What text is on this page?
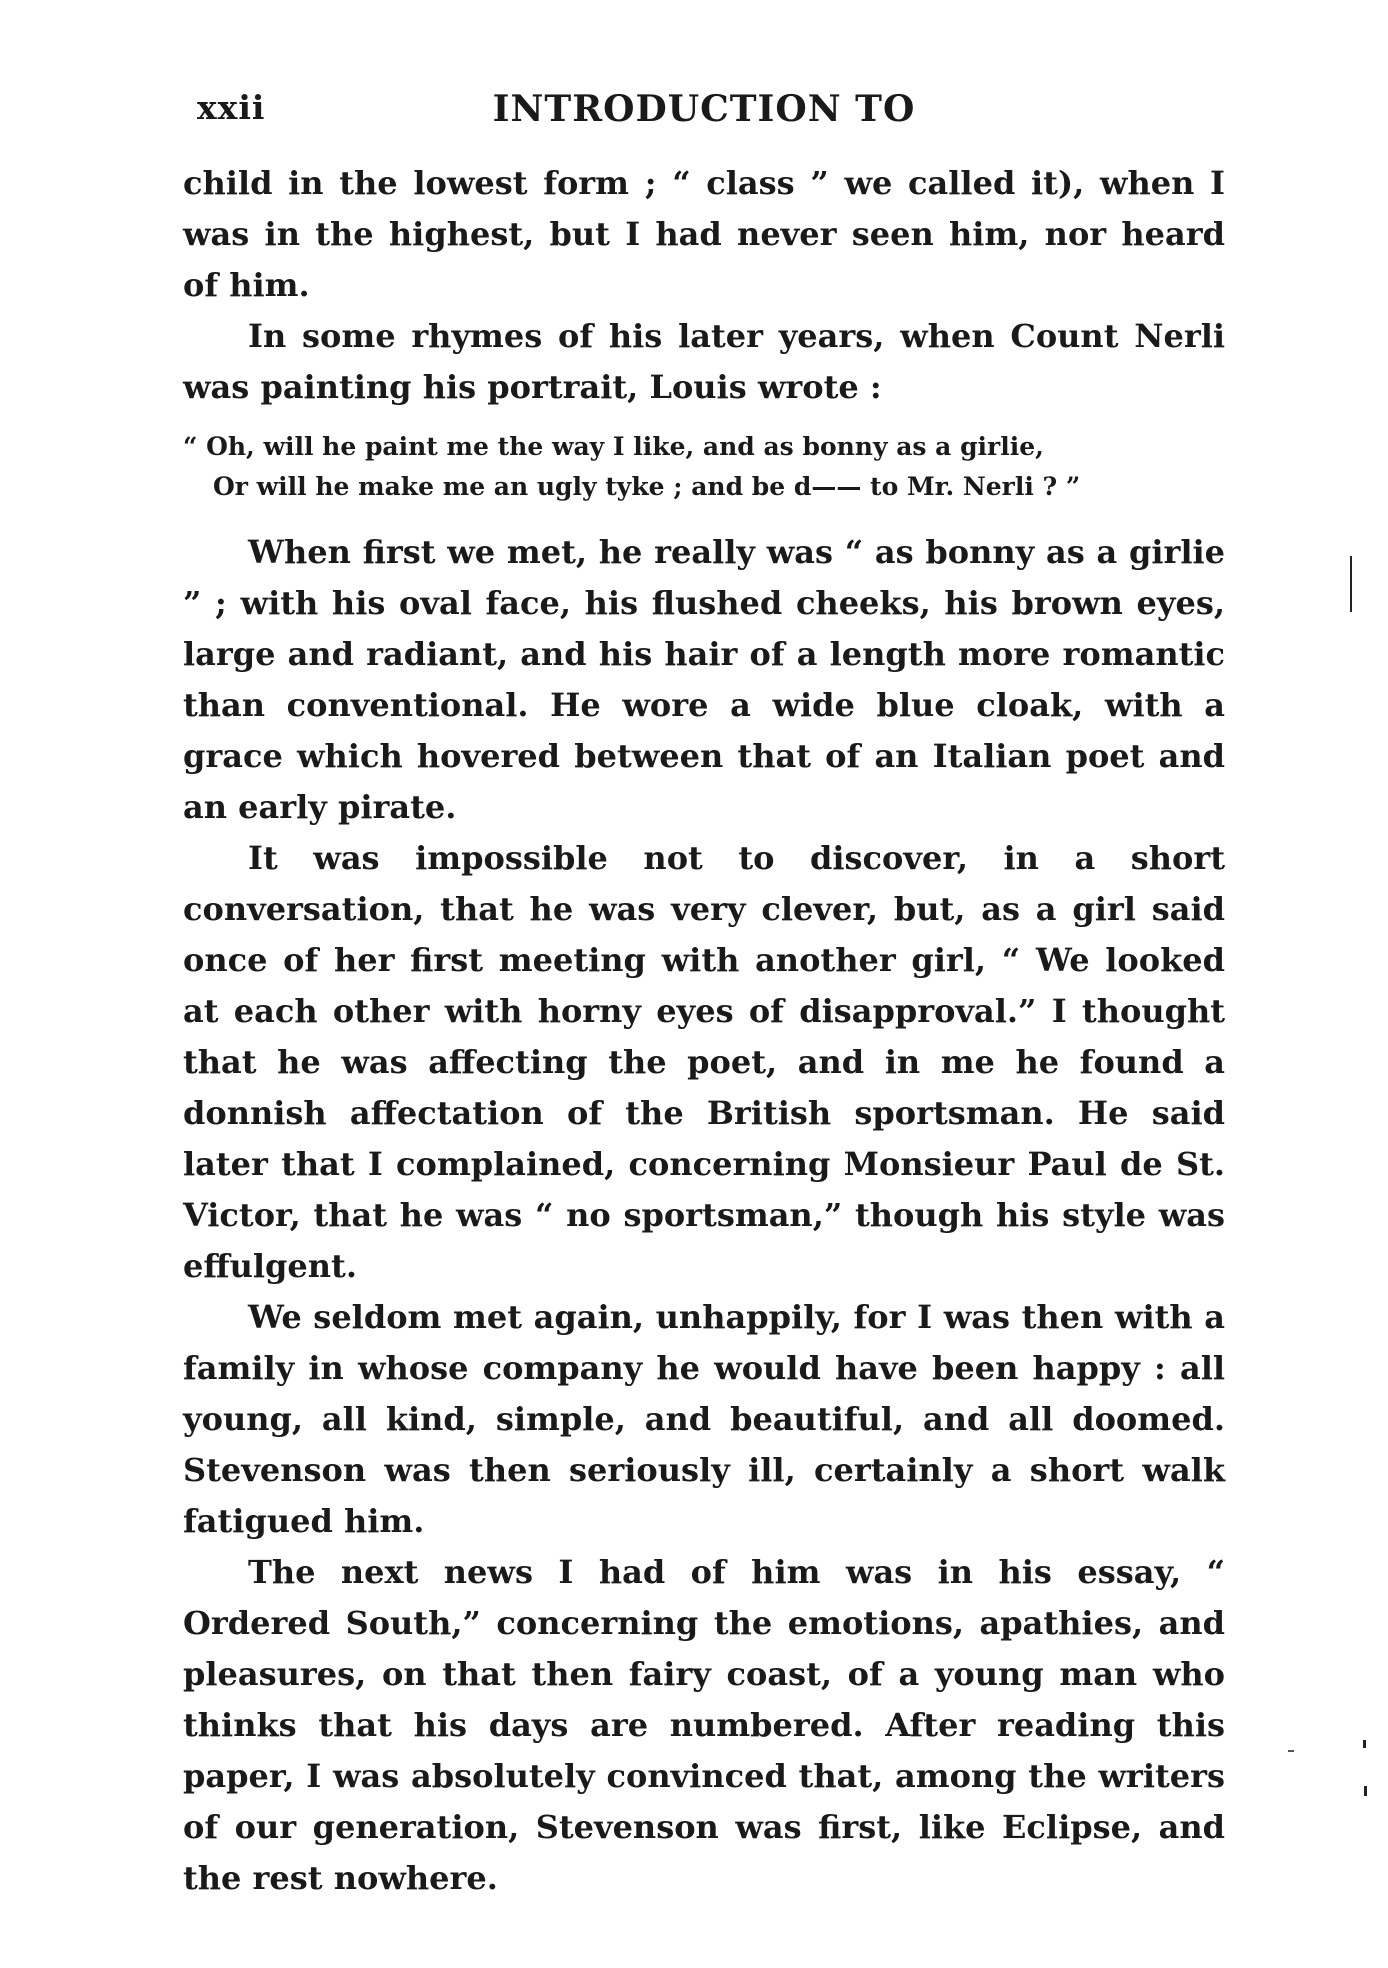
xxii	INTRODUCTION TO

child in the lowest form ; “ class ” we called it), when I was in the highest, but I had never seen him, nor heard of him.

In some rhymes of his later years, when Count Nerli was painting his portrait, Louis wrote :

“ Oh, will he paint me the way I like, and as bonny as a girlie,
Or will he make me an ugly tyke ; and be d—— to Mr. Nerli ? ”

When first we met, he really was “ as bonny as a girlie ” ; with his oval face, his flushed cheeks, his brown eyes, large and radiant, and his hair of a length more romantic than conventional. He wore a wide blue cloak, with a grace which hovered between that of an Italian poet and an early pirate.

It was impossible not to discover, in a short conversation, that he was very clever, but, as a girl said once of her first meeting with another girl, “ We looked at each other with horny eyes of disapproval.” I thought that he was affecting the poet, and in me he found a donnish affectation of the British sportsman. He said later that I complained, concerning Monsieur Paul de St. Victor, that he was “ no sportsman,” though his style was effulgent.

We seldom met again, unhappily, for I was then with a family in whose company he would have been happy : all young, all kind, simple, and beautiful, and all doomed. Stevenson was then seriously ill, certainly a short walk fatigued him.

The next news I had of him was in his essay, “ Ordered South,” concerning the emotions, apathies, and pleasures, on that then fairy coast, of a young man who thinks that his days are numbered. After reading this paper, I was absolutely convinced that, among the writers of our generation, Stevenson was first, like Eclipse, and the rest nowhere.
